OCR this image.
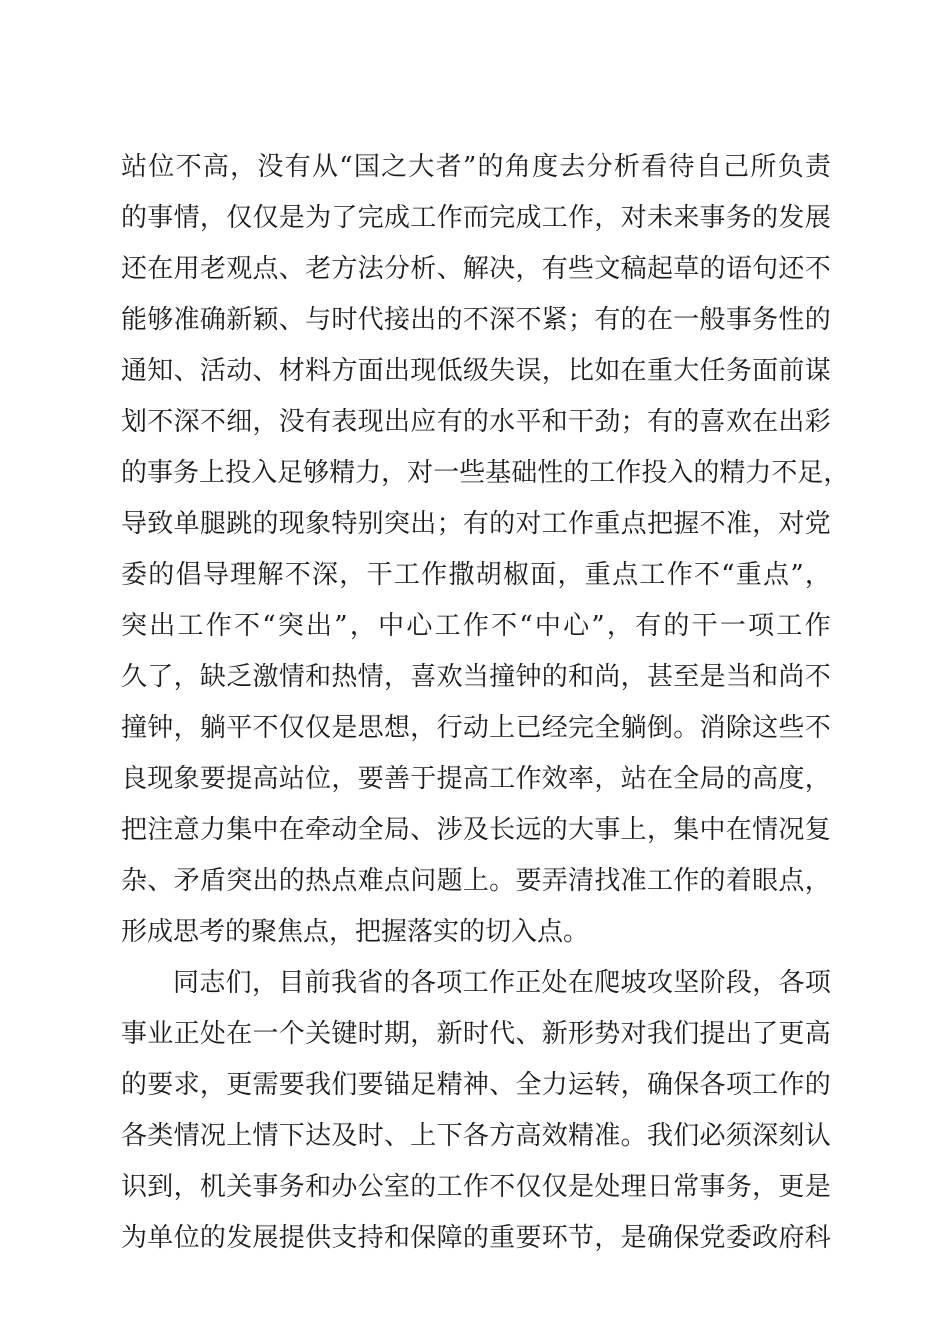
站 位 不 高 ， 没 有 从 “ 国 之 大 者 ” 的 角 度 去 分 析 看 待 自 己 所 负 责
的 事 情 ， 仅 仅 是 为 了 完 成 工 作 而 完 成 工 作 ， 对 未 来 事 务 的 发 展
还 在 用 老 观 点 、 老 方 法 分 析 、 解 决 ， 有 些 文 稿 起 草 的 语 句 还 不
能 够 准 确 新 颖 、 与 时 代 接 出 的 不 深 不 紧 ； 有 的 在 一 般 事 务 性 的
通 知 、 活 动 、 材 料 方 面 出 现 低 级 失 误 ， 比 如 在 重 大 任 务 面 前 谋
划 不 深 不 细 ， 没 有 表 现 出 应 有 的 水 平 和 干 劲 ； 有 的 喜 欢 在 出 彩
的 事 务 上 投 入 足 够 精 力 ， 对 一 些 基 础 性 的 工 作 投 入 的 精 力 不 足 ，
导 致 单 腿 跳 的 现 象 特 别 突 出 ； 有 的 对 工 作 重 点 把 握 不 准 ， 对 党
委 的 倡 导 理 解 不 深 ， 干 工 作 撒 胡 椒 面 ， 重 点 工 作 不 “ 重 点 ” ，
突 出 工 作 不 “ 突 出 ” ， 中 心 工 作 不 “ 中 心 ” ， 有 的 干 一 项 工 作
久 了 ， 缺 乏 激 情 和 热 情 ， 喜 欢 当 撞 钟 的 和 尚 ， 甚 至 是 当 和 尚 不
撞 钟 ， 躺 平 不 仅 仅 是 思 想 ， 行 动 上 已 经 完 全 躺 倒 。 消 除 这 些 不
良 现 象 要 提 高 站 位 ， 要 善 于 提 高 工 作 效 率 ， 站 在 全 局 的 高 度 ，
把 注 意 力 集 中 在 牵 动 全 局 、 涉 及 长 远 的 大 事 上 ， 集 中 在 情 况 复
杂 、 矛 盾 突 出 的 热 点 难 点 问 题 上 。 要 弄 清 找 准 工 作 的 着 眼 点 ，
形成思考的聚焦点，把握落实的切入点。
同 志 们 ， 目 前 我 省 的 各 项 工 作 正 处 在 爬 坡 攻 坚 阶 段 ， 各 项
事 业 正 处 在 一 个 关 键 时 期 ， 新 时 代 、 新 形 势 对 我 们 提 出 了 更 高
的 要 求 ， 更 需 要 我 们 要 锚 足 精 神 、 全 力 运 转 ， 确 保 各 项 工 作 的
各 类 情 况 上 情 下 达 及 时 、 上 下 各 方 高 效 精 准 。 我 们 必 须 深 刻 认
识 到 ， 机 关 事 务 和 办 公 室 的 工 作 不 仅 仅 是 处 理 日 常 事 务 ， 更 是
为 单 位 的 发 展 提 供 支 持 和 保 障 的 重 要 环 节 ， 是 确 保 党 委 政 府 科
